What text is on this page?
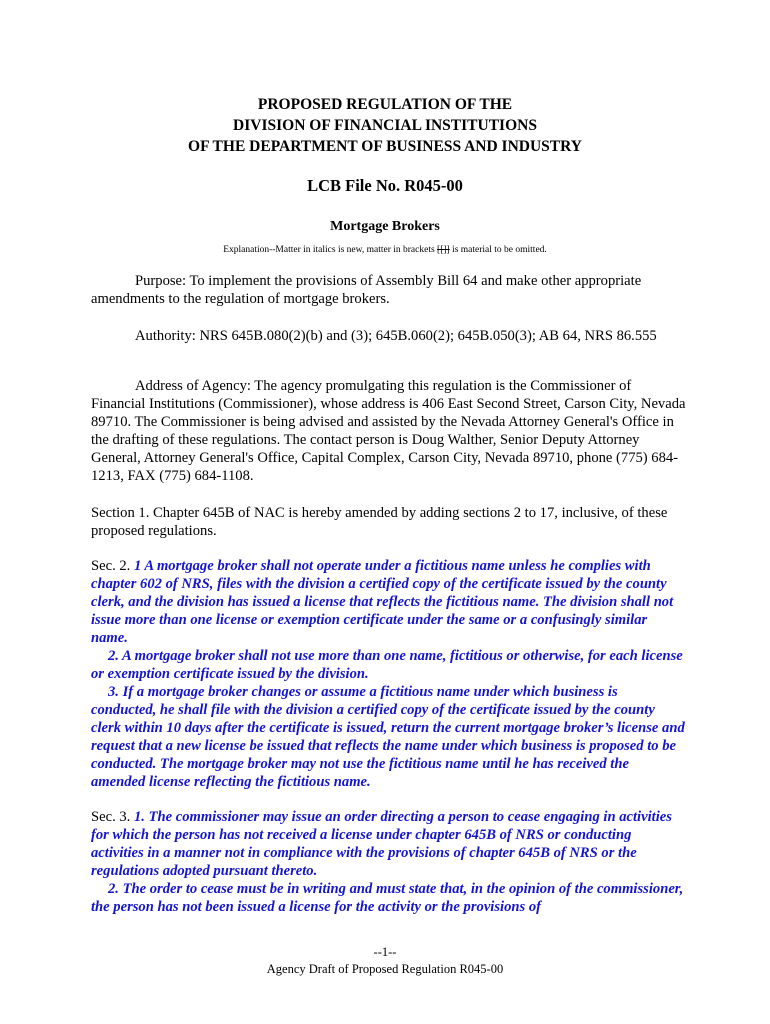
PROPOSED REGULATION OF THE
DIVISION OF FINANCIAL INSTITUTIONS
OF THE DEPARTMENT OF BUSINESS AND INDUSTRY
LCB File No. R045-00
Mortgage Brokers
Explanation--Matter in italics is new, matter in brackets [[]] is material to be omitted.
Purpose: To implement the provisions of Assembly Bill 64 and make other appropriate amendments to the regulation of mortgage brokers.
Authority: NRS 645B.080(2)(b) and (3); 645B.060(2); 645B.050(3); AB 64, NRS 86.555
Address of Agency: The agency promulgating this regulation is the Commissioner of Financial Institutions (Commissioner), whose address is 406 East Second Street, Carson City, Nevada 89710. The Commissioner is being advised and assisted by the Nevada Attorney General's Office in the drafting of these regulations. The contact person is Doug Walther, Senior Deputy Attorney General, Attorney General's Office, Capital Complex, Carson City, Nevada 89710, phone (775) 684-1213, FAX (775) 684-1108.
Section 1. Chapter 645B of NAC is hereby amended by adding sections 2 to 17, inclusive, of these proposed regulations.
Sec. 2. 1 A mortgage broker shall not operate under a fictitious name unless he complies with chapter 602 of NRS, files with the division a certified copy of the certificate issued by the county clerk, and the division has issued a license that reflects the fictitious name. The division shall not issue more than one license or exemption certificate under the same or a confusingly similar name.
2. A mortgage broker shall not use more than one name, fictitious or otherwise, for each license or exemption certificate issued by the division.
3. If a mortgage broker changes or assume a fictitious name under which business is conducted, he shall file with the division a certified copy of the certificate issued by the county clerk within 10 days after the certificate is issued, return the current mortgage broker’s license and request that a new license be issued that reflects the name under which business is proposed to be conducted. The mortgage broker may not use the fictitious name until he has received the amended license reflecting the fictitious name.
Sec. 3. 1. The commissioner may issue an order directing a person to cease engaging in activities for which the person has not received a license under chapter 645B of NRS or conducting activities in a manner not in compliance with the provisions of chapter 645B of NRS or the regulations adopted pursuant thereto.
2. The order to cease must be in writing and must state that, in the opinion of the commissioner, the person has not been issued a license for the activity or the provisions of
--1--
Agency Draft of Proposed Regulation R045-00
